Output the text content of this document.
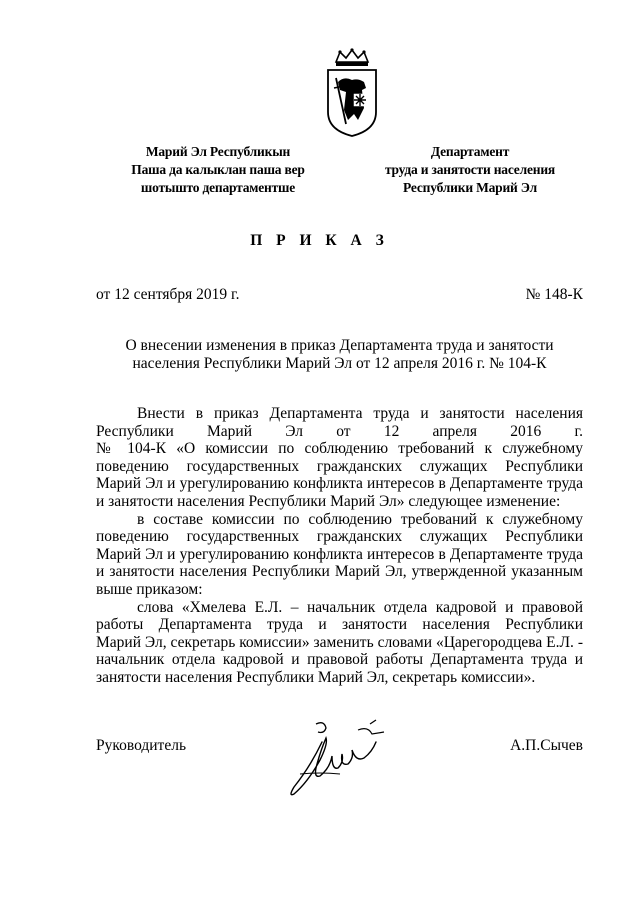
Марий Эл Республикын
Паша да калыклан паша вер
шотышто департаментше
Департамент
труда и занятости населения
Республики Марий Эл
П Р И К А З
от 12 сентября 2019 г.	№ 148-К
О внесении изменения в приказ Департамента труда и занятости
населения Республики Марий Эл от 12 апреля 2016 г. № 104-К
Внести в приказ Департамента труда и занятости населения
Республики Марий Эл от 12 апреля 2016 г.
№ 104-К «О комиссии по соблюдению требований к служебному
поведению государственных гражданских служащих Республики
Марий Эл и урегулированию конфликта интересов в Департаменте труда
и занятости населения Республики Марий Эл» следующее изменение:
в составе комиссии по соблюдению требований к служебному
поведению государственных гражданских служащих Республики
Марий Эл и урегулированию конфликта интересов в Департаменте труда
и занятости населения Республики Марий Эл, утвержденной указанным
выше приказом:
слова «Хмелева Е.Л. – начальник отдела кадровой и правовой
работы Департамента труда и занятости населения Республики
Марий Эл, секретарь комиссии» заменить словами «Царегородцева Е.Л. -
начальник отдела кадровой и правовой работы Департамента труда и
занятости населения Республики Марий Эл, секретарь комиссии».
Руководитель	А.П.Сычев
